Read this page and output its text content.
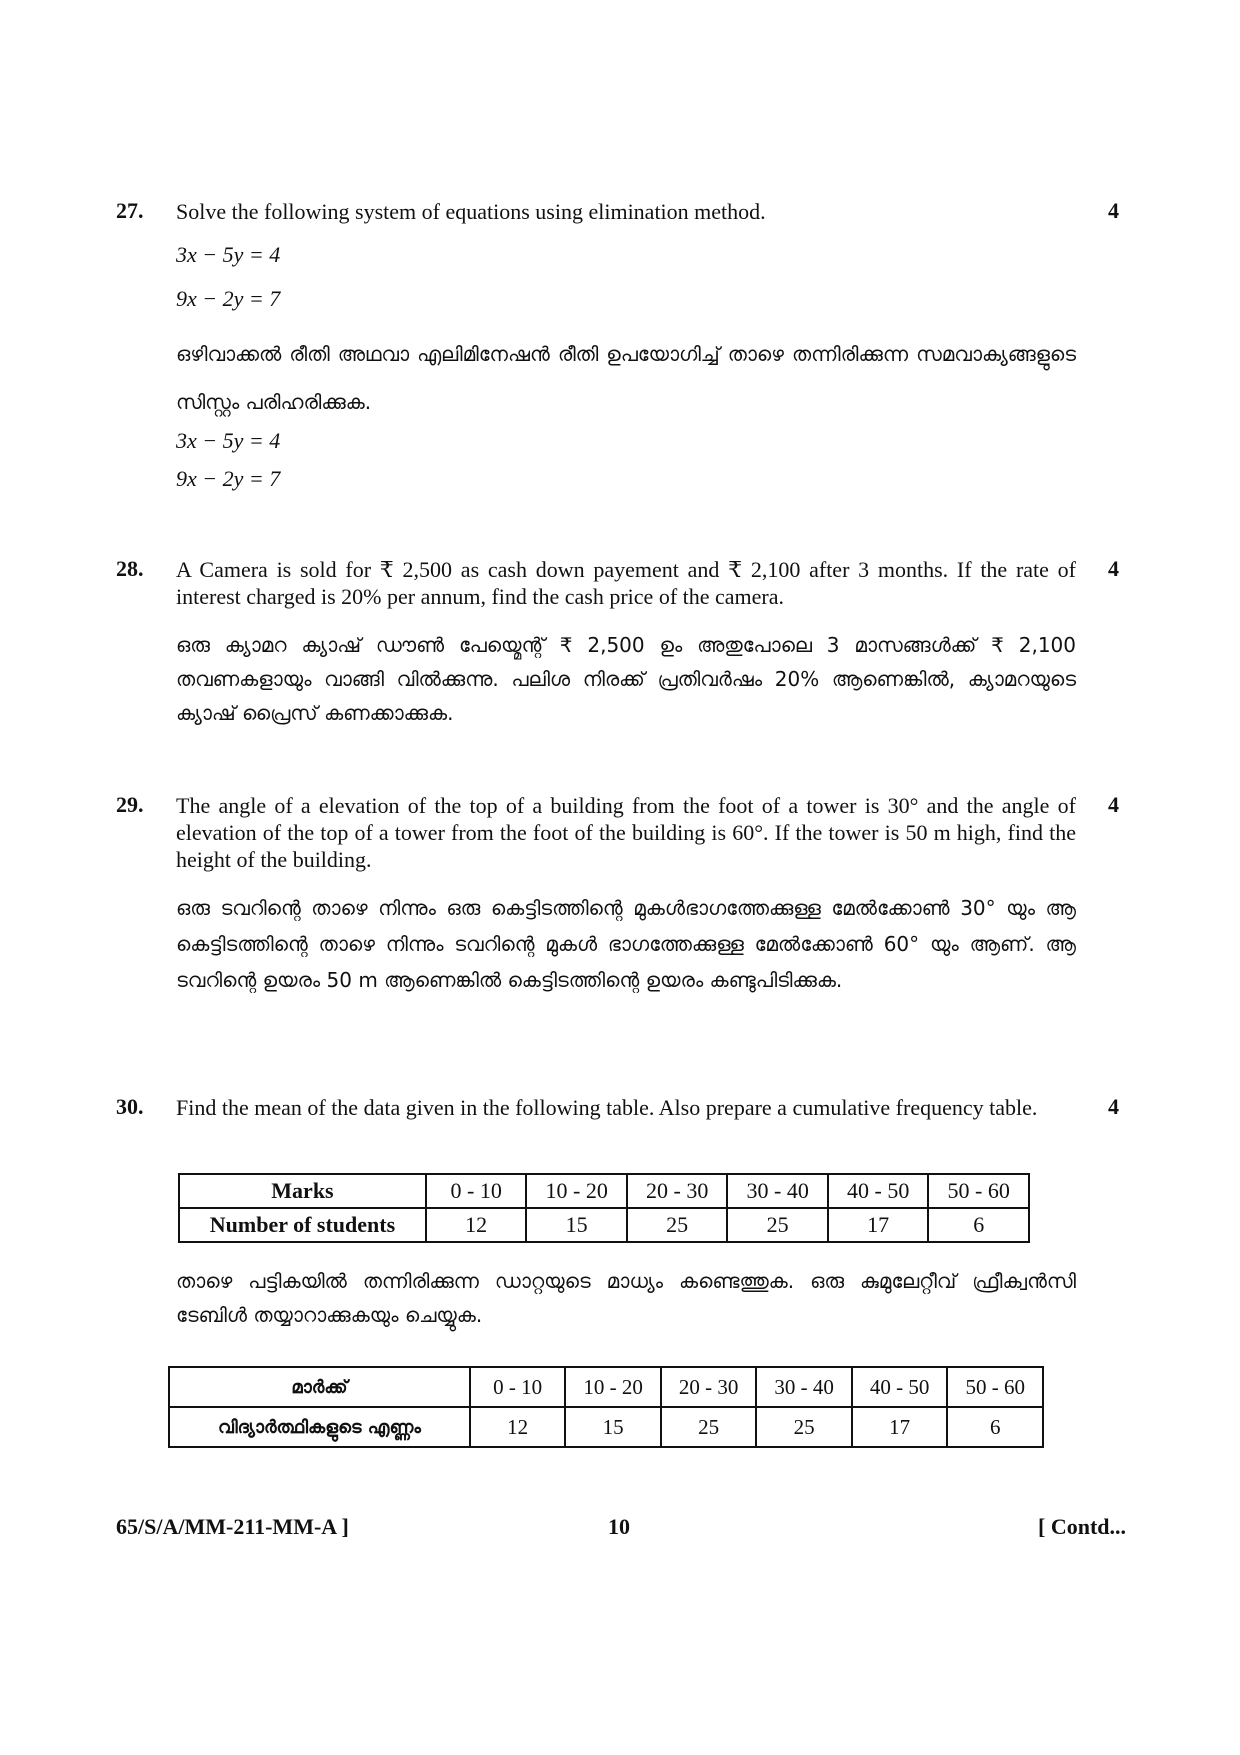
27.	4
Solve the following system of equations using elimination method.
3x − 5y = 4
9x − 2y = 7
ഒഴിവാക്കൽ രീതി അഥവാ എലിമിനേഷൻ രീതി ഉപയോഗിച്ച് താഴെ തന്നിരിക്കുന്ന സമവാക്യങ്ങളുടെ സിസ്റ്റം പരിഹരിക്കുക.
3x − 5y = 4
9x − 2y = 7
28.	4
A Camera is sold for ₹ 2,500 as cash down payement and ₹ 2,100 after 3 months. If the rate of interest charged is 20% per annum, find the cash price of the camera.
ഒരു ക്യാമറ ക്യാഷ് ഡൗൺ പേയ്മെന്റ് ₹ 2,500 ഉം അതുപോലെ 3 മാസങ്ങൾക്ക് ₹ 2,100 തവണകളായും വാങ്ങി വിൽക്കുന്നു. പലിശ നിരക്ക് പ്രതിവർഷം 20% ആണെങ്കിൽ, ക്യാമറയുടെ ക്യാഷ് പ്രൈസ് കണക്കാക്കുക.
29.	4
The angle of a elevation of the top of a building from the foot of a tower is 30° and the angle of elevation of the top of a tower from the foot of the building is 60°. If the tower is 50 m high, find the height of the building.
ഒരു ടവറിന്റെ താഴെ നിന്നും ഒരു കെട്ടിടത്തിന്റെ മുകൾഭാഗത്തേക്കുള്ള മേൽക്കോൺ 30° യും ആ കെട്ടിടത്തിന്റെ താഴെ നിന്നും ടവറിന്റെ മുകൾ ഭാഗത്തേക്കുള്ള മേൽക്കോൺ 60° യും ആണ്. ആ ടവറിന്റെ ഉയരം 50 m ആണെങ്കിൽ കെട്ടിടത്തിന്റെ ഉയരം കണ്ടുപിടിക്കുക.
30.	4
Find the mean of the data given in the following table. Also prepare a cumulative frequency table.
Marks	0 - 10	10 - 20	20 - 30	30 - 40	40 - 50	50 - 60
Number of students	12	15	25	25	17	6
താഴെ പട്ടികയിൽ തന്നിരിക്കുന്ന ഡാറ്റയുടെ മാധ്യം കണ്ടെത്തുക. ഒരു കുമുലേറ്റീവ് ഫ്രീക്വൻസി ടേബിൾ തയ്യാറാക്കുകയും ചെയ്യുക.
മാർക്ക്	0 - 10	10 - 20	20 - 30	30 - 40	40 - 50	50 - 60
വിദ്യാർത്ഥികളുടെ എണ്ണം	12	15	25	25	17	6
65/S/A/MM-211-MM-A ]	10	[ Contd...
